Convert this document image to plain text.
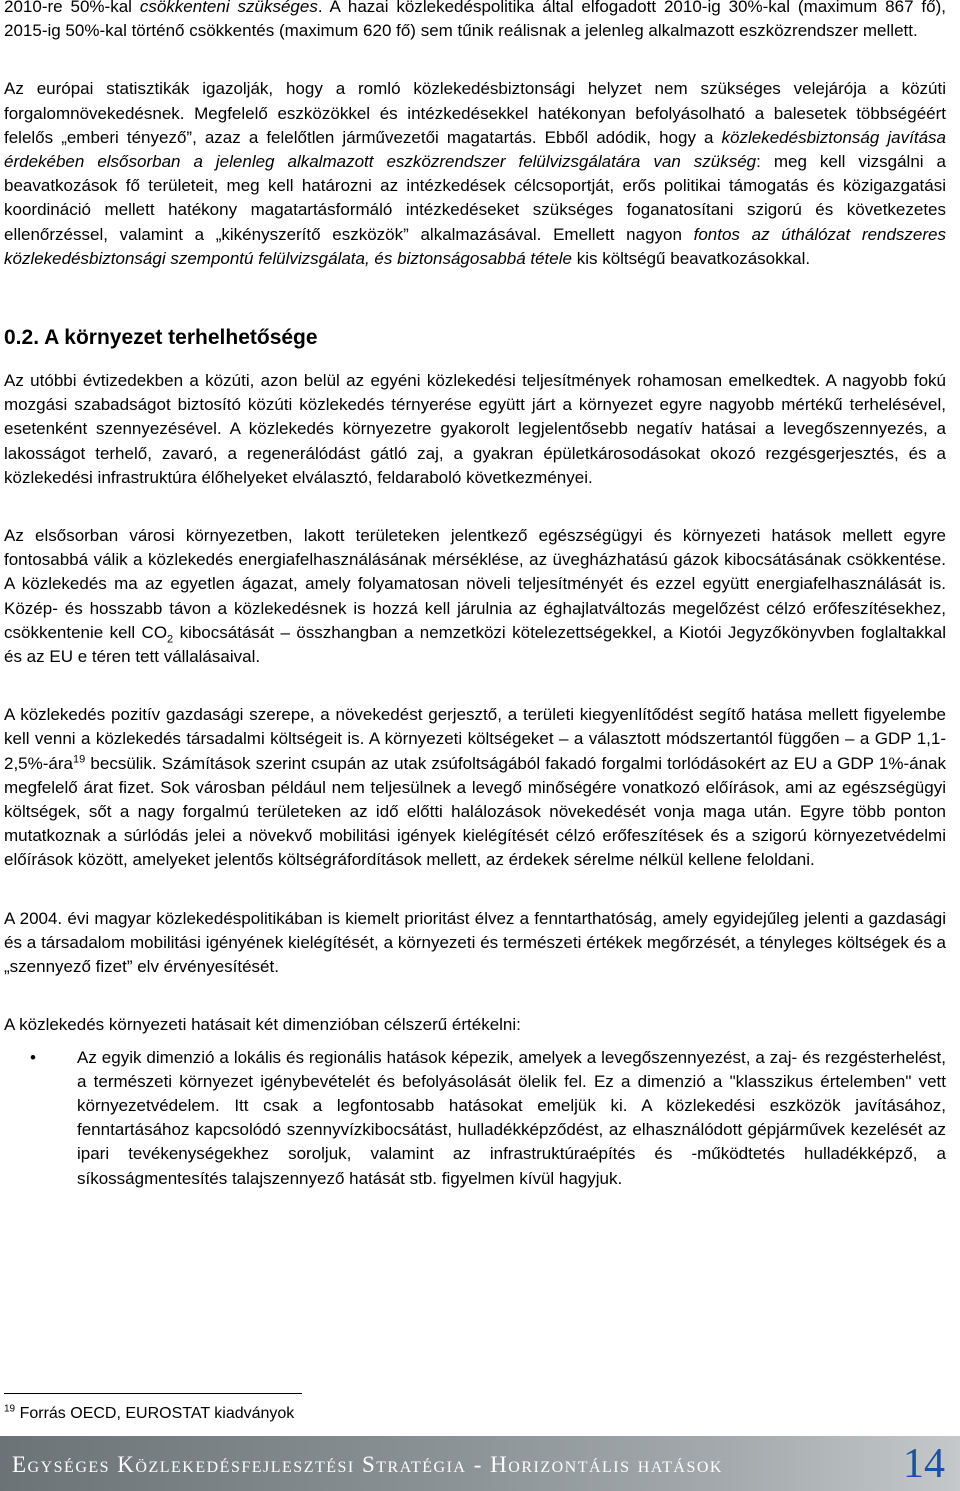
2010-re 50%-kal csökkenteni szükséges. A hazai közlekedéspolitika által elfogadott 2010-ig 30%-kal (maximum 867 fő), 2015-ig 50%-kal történő csökkentés (maximum 620 fő) sem tűnik reálisnak a jelenleg alkalmazott eszközrendszer mellett.

Az európai statisztikák igazolják, hogy a romló közlekedésbiztonsági helyzet nem szükséges velejárója a közúti forgalomnövekedésnek. Megfelelő eszközökkel és intézkedésekkel hatékonyan befolyásolható a balesetek többségéért felelős „emberi tényező”, azaz a felelőtlen járművezetői magatartás. Ebből adódik, hogy a közlekedésbiztonság javítása érdekében elsősorban a jelenleg alkalmazott eszközrendszer felülvizsgálatára van szükség: meg kell vizsgálni a beavatkozások fő területeit, meg kell határozni az intézkedések célcsoportját, erős politikai támogatás és közigazgatási koordináció mellett hatékony magatartásformáló intézkedéseket szükséges foganatosítani szigorú és következetes ellenőrzéssel, valamint a „kikényszerítő eszközök” alkalmazásával. Emellett nagyon fontos az úthálózat rendszeres közlekedésbiztonsági szempontú felülvizsgálata, és biztonságosabbá tétele kis költségű beavatkozásokkal.

0.2. A környezet terhelhetősége

Az utóbbi évtizedekben a közúti, azon belül az egyéni közlekedési teljesítmények rohamosan emelkedtek. A nagyobb fokú mozgási szabadságot biztosító közúti közlekedés térnyerése együtt járt a környezet egyre nagyobb mértékű terhelésével, esetenként szennyezésével. A közlekedés környezetre gyakorolt legjelentősebb negatív hatásai a levegőszennyezés, a lakosságot terhelő, zavaró, a regenerálódást gátló zaj, a gyakran épületkárosodásokat okozó rezgésgerjesztés, és a közlekedési infrastruktúra élőhelyeket elválasztó, feldaraboló következményei.

Az elsősorban városi környezetben, lakott területeken jelentkező egészségügyi és környezeti hatások mellett egyre fontosabbá válik a közlekedés energiafelhasználásának mérséklése, az üvegházhatású gázok kibocsátásának csökkentése. A közlekedés ma az egyetlen ágazat, amely folyamatosan növeli teljesítményét és ezzel együtt energiafelhasználását is. Közép- és hosszabb távon a közlekedésnek is hozzá kell járulnia az éghajlatváltozás megelőzést célzó erőfeszítésekhez, csökkentenie kell $CO_2$ kibocsátását – összhangban a nemzetközi kötelezettségekkel, a Kiotói Jegyzőkönyvben foglaltakkal és az EU e téren tett vállalásaival.

A közlekedés pozitív gazdasági szerepe, a növekedést gerjesztő, a területi kiegyenlítődést segítő hatása mellett figyelembe kell venni a közlekedés társadalmi költségeit is. A környezeti költségeket – a választott módszertantól függően – a GDP 1,1-2,5%-ára$^{19}$ becsülik. Számítások szerint csupán az utak zsúfoltságából fakadó forgalmi torlódásokért az EU a GDP 1%-ának megfelelő árat fizet. Sok városban például nem teljesülnek a levegő minőségére vonatkozó előírások, ami az egészségügyi költségek, sőt a nagy forgalmú területeken az idő előtti halálozások növekedését vonja maga után. Egyre több ponton mutatkoznak a súrlódás jelei a növekvő mobilitási igények kielégítését célzó erőfeszítések és a szigorú környezetvédelmi előírások között, amelyeket jelentős költségráfordítások mellett, az érdekek sérelme nélkül kellene feloldani.

A 2004. évi magyar közlekedéspolitikában is kiemelt prioritást élvez a fenntarthatóság, amely egyidejűleg jelenti a gazdasági és a társadalom mobilitási igényének kielégítését, a környezeti és természeti értékek megőrzését, a tényleges költségek és a „szennyező fizet” elv érvényesítését.

A közlekedés környezeti hatásait két dimenzióban célszerű értékelni:

• Az egyik dimenzió a lokális és regionális hatások képezik, amelyek a levegőszennyezést, a zaj- és rezgésterhelést, a természeti környezet igénybevételét és befolyásolását ölelik fel. Ez a dimenzió a "klasszikus értelemben" vett környezetvédelem. Itt csak a legfontosabb hatásokat emeljük ki. A közlekedési eszközök javításához, fenntartásához kapcsolódó szennyvízkibocsátást, hulladékképződést, az elhasználódott gépjárművek kezelését az ipari tevékenységekhez soroljuk, valamint az infrastruktúraépítés és -működtetés hulladékképző, a síkosságmentesítés talajszennyező hatását stb. figyelmen kívül hagyjuk.

$^{19}$ Forrás OECD, EUROSTAT kiadványok
Egységes Közlekedésfejlesztési Stratégia - Horizontális hatások	14
